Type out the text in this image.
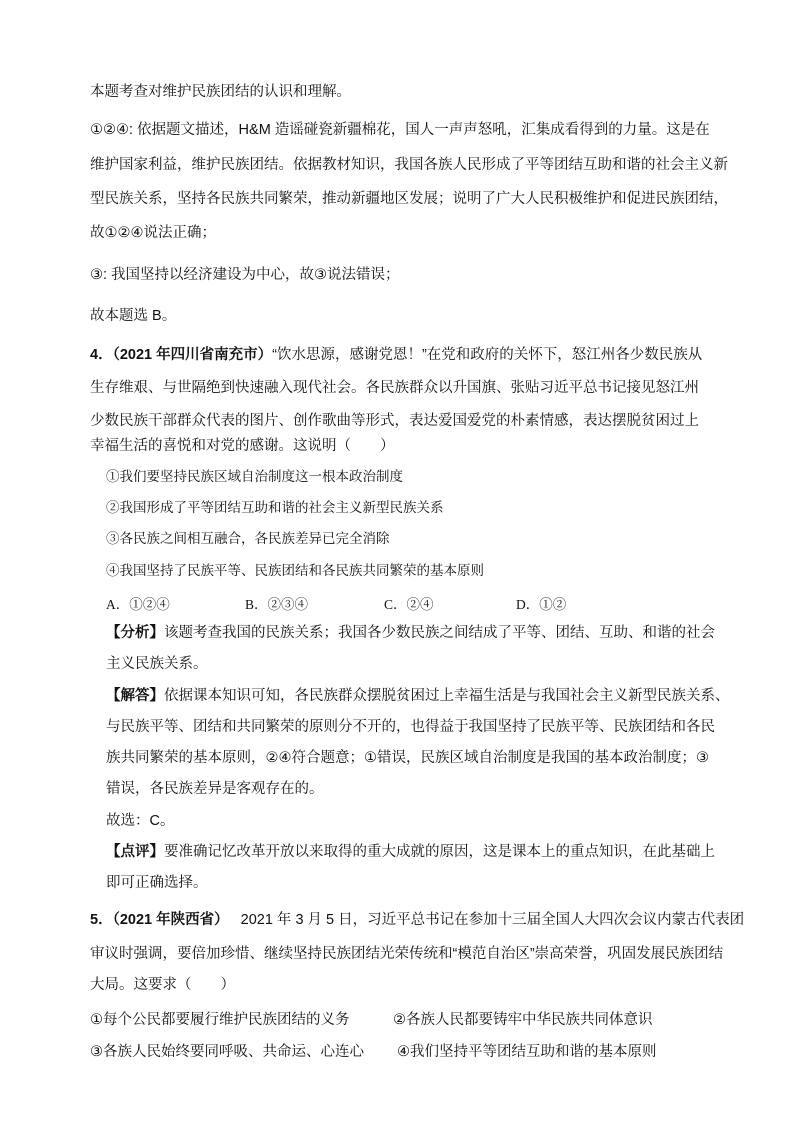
本题考查对维护民族团结的认识和理解。
①②④: 依据题文描述，H&M 造谣碰瓷新疆棉花，国人一声声怒吼，汇集成看得到的力量。这是在
维护国家利益，维护民族团结。依据教材知识，我国各族人民形成了平等团结互助和谐的社会主义新
型民族关系，坚持各民族共同繁荣，推动新疆地区发展；说明了广大人民积极维护和促进民族团结，
故①②④说法正确；
③: 我国坚持以经济建设为中心，故③说法错误；
故本题选 B。
4．（2021 年四川省南充市）“饮水思源，感谢党恩！”在党和政府的关怀下，怒江州各少数民族从
生存维艰、与世隔绝到快速融入现代社会。各民族群众以升国旗、张贴习近平总书记接见怒江州
少数民族干部群众代表的图片、创作歌曲等形式，表达爱国爱党的朴素情感，表达摆脱贫困过上
幸福生活的喜悦和对党的感谢。这说明（　　）
①我们要坚持民族区域自治制度这一根本政治制度
②我国形成了平等团结互助和谐的社会主义新型民族关系
③各民族之间相互融合，各民族差异已完全消除
④我国坚持了民族平等、民族团结和各民族共同繁荣的基本原则
A．①②④	B．②③④	C．②④	D．①②
【分析】该题考查我国的民族关系；我国各少数民族之间结成了平等、团结、互助、和谐的社会
主义民族关系。
【解答】依据课本知识可知，各民族群众摆脱贫困过上幸福生活是与我国社会主义新型民族关系、
与民族平等、团结和共同繁荣的原则分不开的，也得益于我国坚持了民族平等、民族团结和各民
族共同繁荣的基本原则，②④符合题意；①错误，民族区域自治制度是我国的基本政治制度；③
错误，各民族差异是客观存在的。
故选：C。
【点评】要准确记忆改革开放以来取得的重大成就的原因，这是课本上的重点知识，在此基础上
即可正确选择。
5．（2021 年陕西省） 2021 年 3 月 5 日，习近平总书记在参加十三届全国人大四次会议内蒙古代表团
审议时强调，要倍加珍惜、继续坚持民族团结光荣传统和“模范自治区”崇高荣誉，巩固发展民族团结
大局。这要求（　　）
①每个公民都要履行维护民族团结的义务	②各族人民都要铸牢中华民族共同体意识
③各族人民始终要同呼吸、共命运、心连心 ④我们坚持平等团结互助和谐的基本原则
